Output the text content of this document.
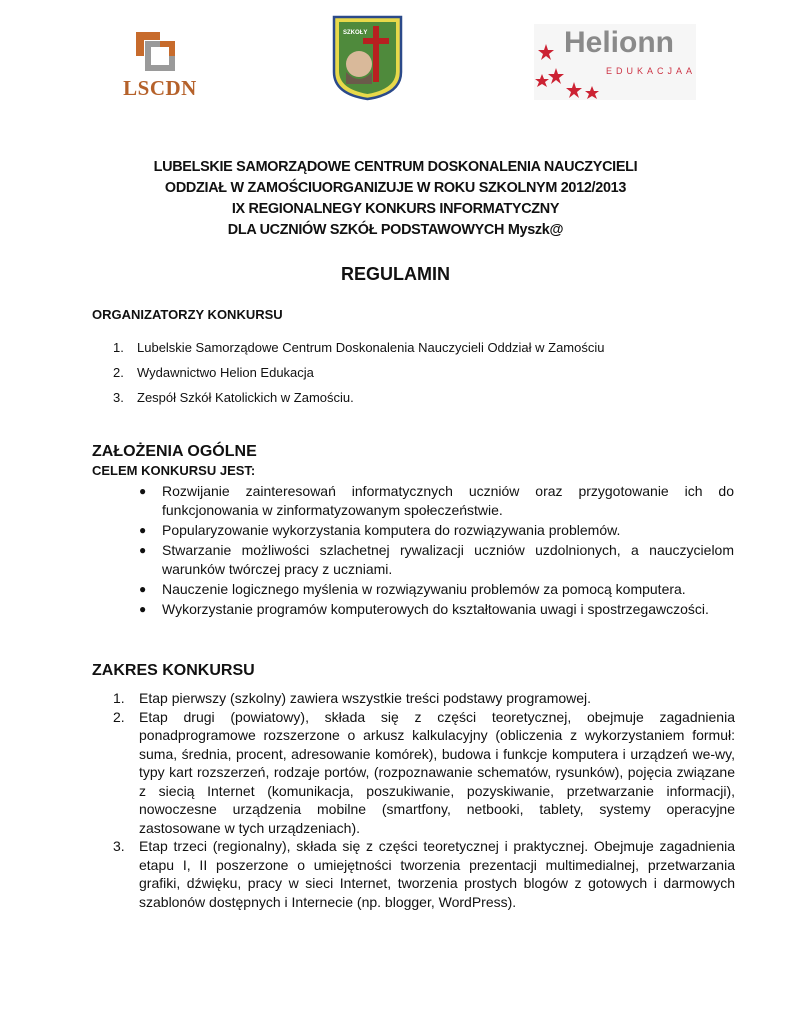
LSCDN
SZKOŁY	Helionn
EDUKACJAA
LUBELSKIE SAMORZĄDOWE CENTRUM DOSKONALENIA NAUCZYCIELI
ODDZIAŁ W ZAMOŚCIUORGANIZUJE W ROKU SZKOLNYM 2012/2013
IX REGIONALNEGY KONKURS INFORMATYCZNY
DLA UCZNIÓW SZKÓŁ PODSTAWOWYCH Myszk@
REGULAMIN
ORGANIZATORZY KONKURSU
1. Lubelskie Samorządowe Centrum Doskonalenia Nauczycieli Oddział w Zamościu
2. Wydawnictwo Helion Edukacja
3. Zespół Szkół Katolickich w Zamościu.
ZAŁOŻENIA OGÓLNE
CELEM KONKURSU JEST:
● Rozwijanie zainteresowań informatycznych uczniów oraz przygotowanie ich do funkcjonowania w zinformatyzowanym społeczeństwie.
● Popularyzowanie wykorzystania komputera do rozwiązywania problemów.
● Stwarzanie możliwości szlachetnej rywalizacji uczniów uzdolnionych, a nauczycielom warunków twórczej pracy z uczniami.
● Nauczenie logicznego myślenia w rozwiązywaniu problemów za pomocą komputera.
● Wykorzystanie programów komputerowych do kształtowania uwagi i spostrzegawczości.
ZAKRES KONKURSU
1. Etap pierwszy (szkolny) zawiera wszystkie treści podstawy programowej.
2. Etap drugi (powiatowy), składa się z części teoretycznej, obejmuje zagadnienia ponadprogramowe rozszerzone o arkusz kalkulacyjny (obliczenia z wykorzystaniem formuł: suma, średnia, procent, adresowanie komórek), budowa i funkcje komputera i urządzeń we-wy, typy kart rozszerzeń, rodzaje portów, (rozpoznawanie schematów, rysunków), pojęcia związane z siecią Internet (komunikacja, poszukiwanie, pozyskiwanie, przetwarzanie informacji), nowoczesne urządzenia mobilne (smartfony, netbooki, tablety, systemy operacyjne zastosowane w tych urządzeniach).
3. Etap trzeci (regionalny), składa się z części teoretycznej i praktycznej. Obejmuje zagadnienia etapu I, II poszerzone o umiejętności tworzenia prezentacji multimedialnej, przetwarzania grafiki, dźwięku, pracy w sieci Internet, tworzenia prostych blogów z gotowych i darmowych szablonów dostępnych i Internecie (np. blogger, WordPress).
